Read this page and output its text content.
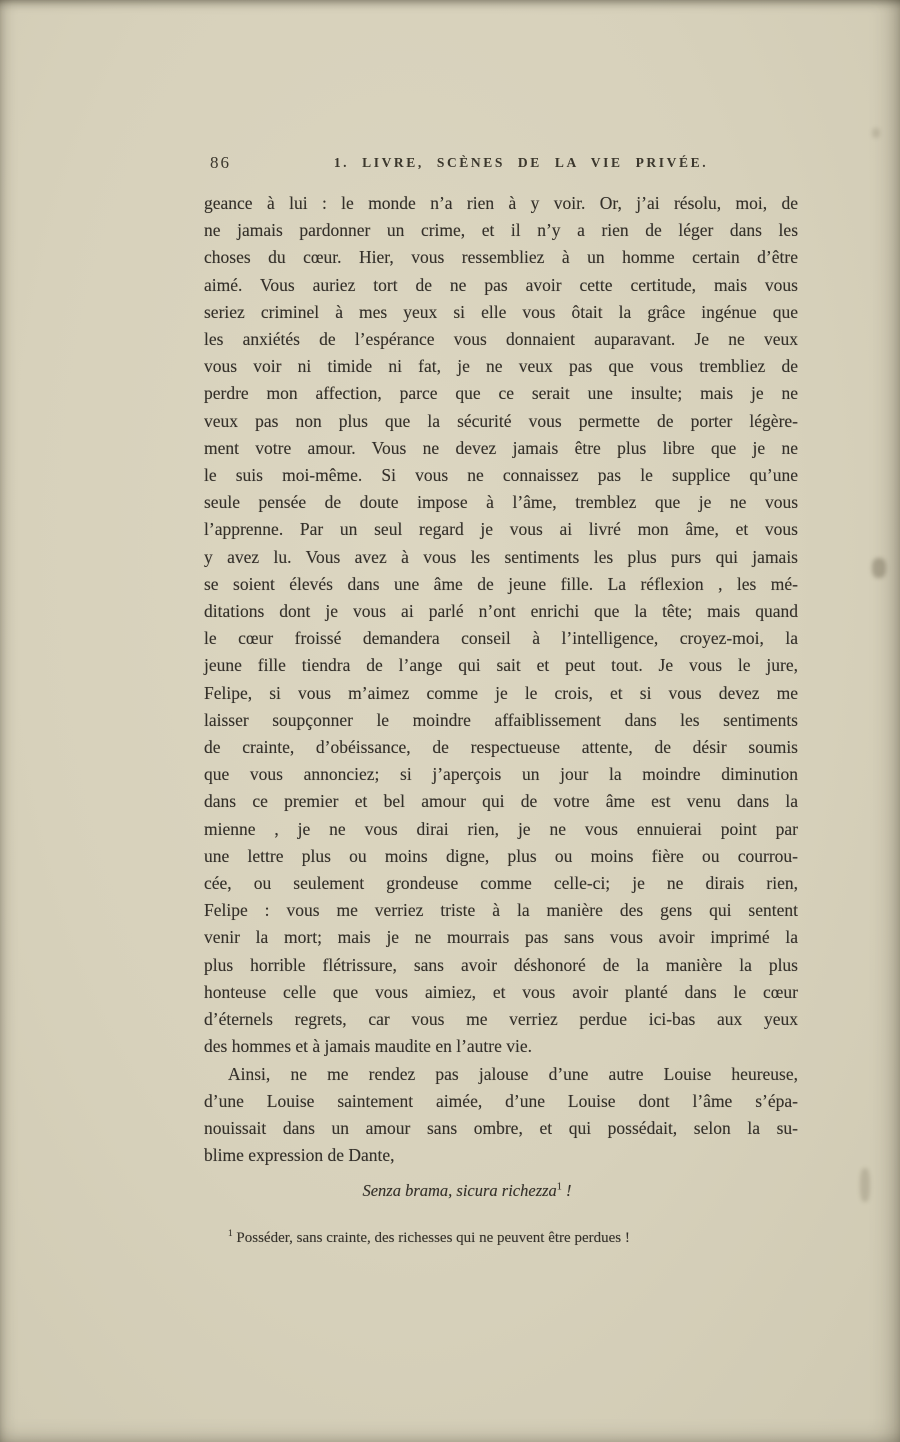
86	1. LIVRE, SCÈNES DE LA VIE PRIVÉE.
geance à lui : le monde n’a rien à y voir. Or, j’ai résolu, moi, de
ne jamais pardonner un crime, et il n’y a rien de léger dans les
choses du cœur. Hier, vous ressembliez à un homme certain d’être
aimé. Vous auriez tort de ne pas avoir cette certitude, mais vous
seriez criminel à mes yeux si elle vous ôtait la grâce ingénue que
les anxiétés de l’espérance vous donnaient auparavant. Je ne veux
vous voir ni timide ni fat, je ne veux pas que vous trembliez de
perdre mon affection, parce que ce serait une insulte; mais je ne
veux pas non plus que la sécurité vous permette de porter légère-
ment votre amour. Vous ne devez jamais être plus libre que je ne
le suis moi-même. Si vous ne connaissez pas le supplice qu’une
seule pensée de doute impose à l’âme, tremblez que je ne vous
l’apprenne. Par un seul regard je vous ai livré mon âme, et vous
y avez lu. Vous avez à vous les sentiments les plus purs qui jamais
se soient élevés dans une âme de jeune fille. La réflexion , les mé-
ditations dont je vous ai parlé n’ont enrichi que la tête; mais quand
le cœur froissé demandera conseil à l’intelligence, croyez-moi, la
jeune fille tiendra de l’ange qui sait et peut tout. Je vous le jure,
Felipe, si vous m’aimez comme je le crois, et si vous devez me
laisser soupçonner le moindre affaiblissement dans les sentiments
de crainte, d’obéissance, de respectueuse attente, de désir soumis
que vous annonciez; si j’aperçois un jour la moindre diminution
dans ce premier et bel amour qui de votre âme est venu dans la
mienne , je ne vous dirai rien, je ne vous ennuierai point par
une lettre plus ou moins digne, plus ou moins fière ou courrou-
cée, ou seulement grondeuse comme celle-ci; je ne dirais rien,
Felipe : vous me verriez triste à la manière des gens qui sentent
venir la mort; mais je ne mourrais pas sans vous avoir imprimé la
plus horrible flétrissure, sans avoir déshonoré de la manière la plus
honteuse celle que vous aimiez, et vous avoir planté dans le cœur
d’éternels regrets, car vous me verriez perdue ici-bas aux yeux
des hommes et à jamais maudite en l’autre vie.
Ainsi, ne me rendez pas jalouse d’une autre Louise heureuse,
d’une Louise saintement aimée, d’une Louise dont l’âme s’épa-
nouissait dans un amour sans ombre, et qui possédait, selon la su-
blime expression de Dante,
Senza brama, sicura richezza$^1$ !
$^1$ Posséder, sans crainte, des richesses qui ne peuvent être perdues !
